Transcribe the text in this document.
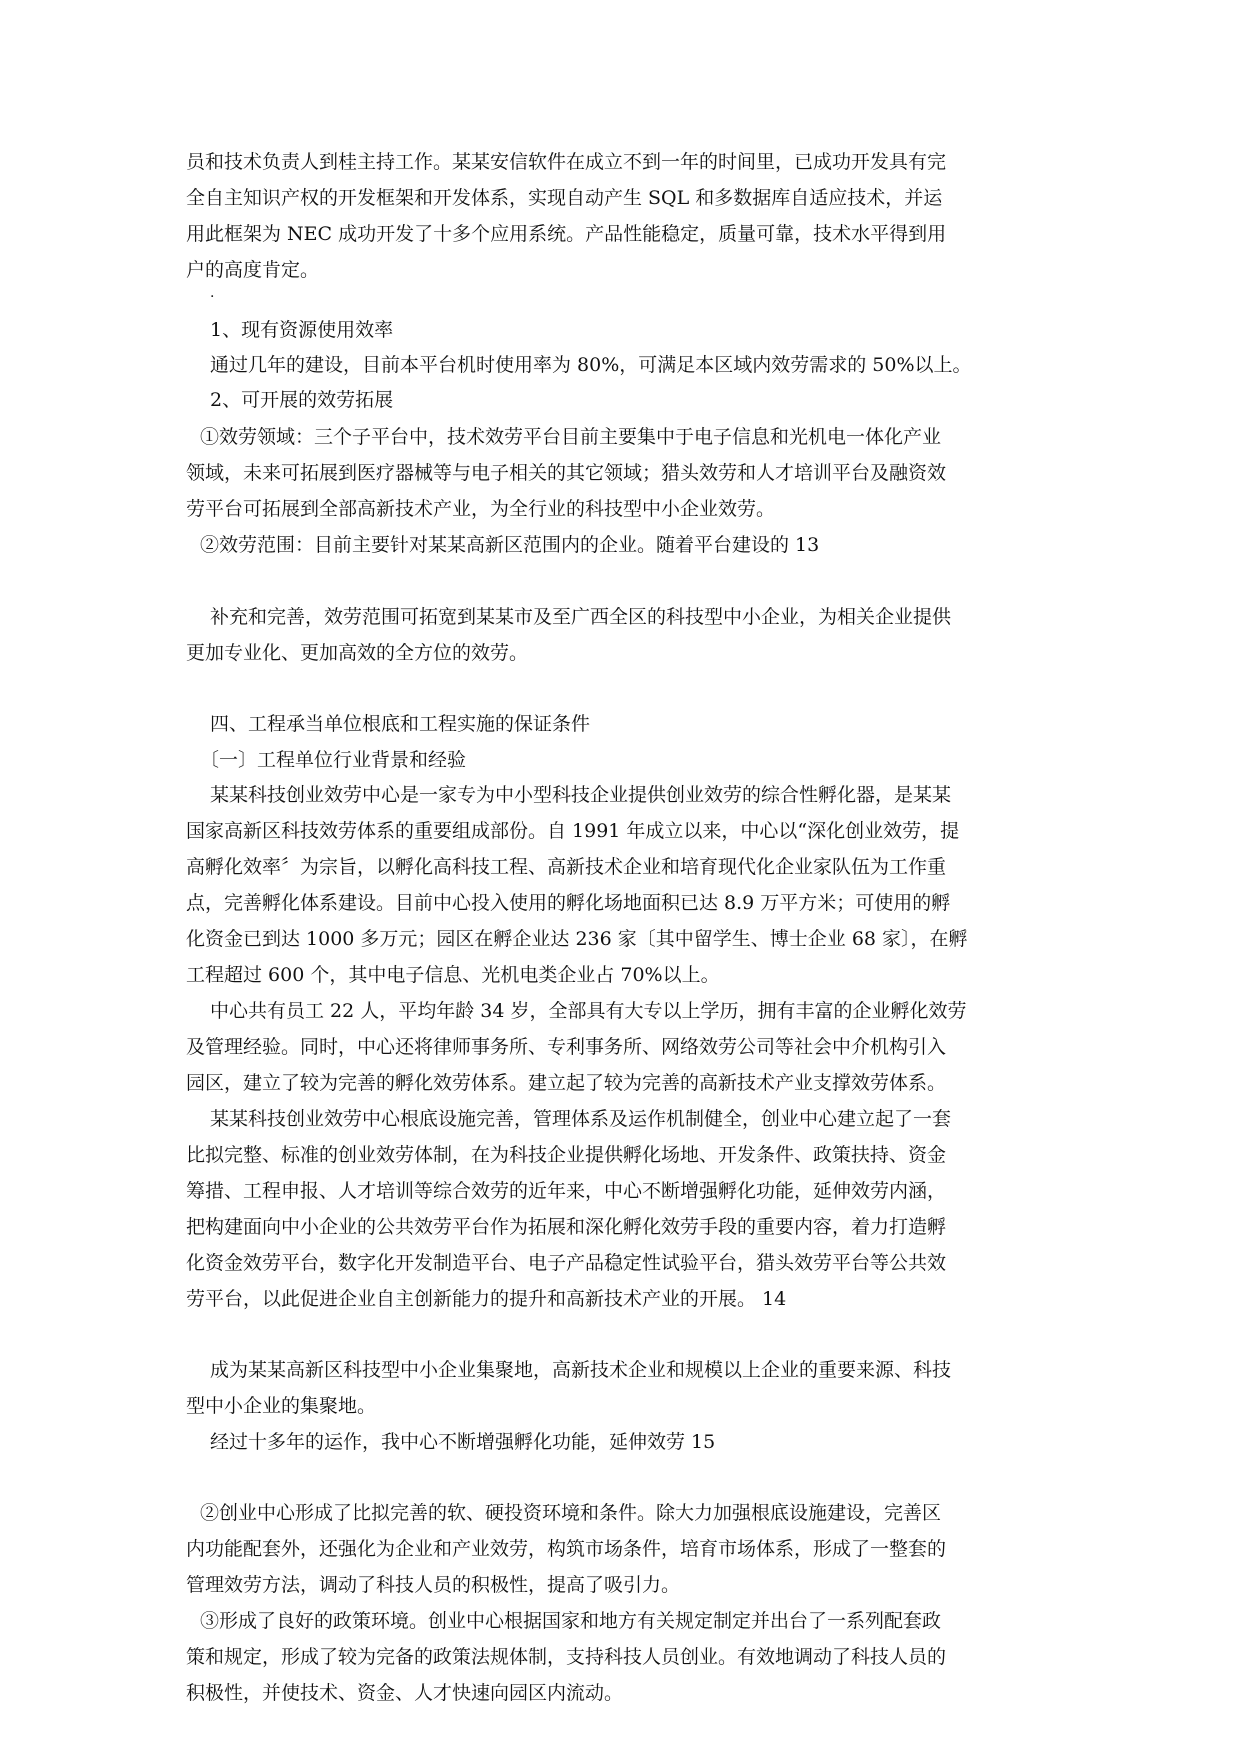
员和技术负责人到桂主持工作。某某安信软件在成立不到一年的时间里，已成功开发具有完
全自主知识产权的开发框架和开发体系，实现自动产生 SQL 和多数据库自适应技术，并运
用此框架为 NEC 成功开发了十多个应用系统。产品性能稳定，质量可靠，技术水平得到用
户的高度肯定。
·
1、现有资源使用效率
通过几年的建设，目前本平台机时使用率为 80%，可满足本区域内效劳需求的 50%以上。
2、可开展的效劳拓展
①效劳领域：三个子平台中，技术效劳平台目前主要集中于电子信息和光机电一体化产业
领域，未来可拓展到医疗器械等与电子相关的其它领域；猎头效劳和人才培训平台及融资效
劳平台可拓展到全部高新技术产业，为全行业的科技型中小企业效劳。
②效劳范围：目前主要针对某某高新区范围内的企业。随着平台建设的 13
补充和完善，效劳范围可拓宽到某某市及至广西全区的科技型中小企业，为相关企业提供
更加专业化、更加高效的全方位的效劳。
四、工程承当单位根底和工程实施的保证条件
〔一〕工程单位行业背景和经验
某某科技创业效劳中心是一家专为中小型科技企业提供创业效劳的综合性孵化器，是某某
国家高新区科技效劳体系的重要组成部份。自 1991 年成立以来，中心以“深化创业效劳，提
高孵化效率〞为宗旨，以孵化高科技工程、高新技术企业和培育现代化企业家队伍为工作重
点，完善孵化体系建设。目前中心投入使用的孵化场地面积已达 8.9 万平方米；可使用的孵
化资金已到达 1000 多万元；园区在孵企业达 236 家〔其中留学生、博士企业 68 家〕，在孵
工程超过 600 个，其中电子信息、光机电类企业占 70%以上。
中心共有员工 22 人，平均年龄 34 岁，全部具有大专以上学历，拥有丰富的企业孵化效劳
及管理经验。同时，中心还将律师事务所、专利事务所、网络效劳公司等社会中介机构引入
园区，建立了较为完善的孵化效劳体系。建立起了较为完善的高新技术产业支撑效劳体系。
某某科技创业效劳中心根底设施完善，管理体系及运作机制健全，创业中心建立起了一套
比拟完整、标准的创业效劳体制，在为科技企业提供孵化场地、开发条件、政策扶持、资金
筹措、工程申报、人才培训等综合效劳的近年来，中心不断增强孵化功能，延伸效劳内涵，
把构建面向中小企业的公共效劳平台作为拓展和深化孵化效劳手段的重要内容，着力打造孵
化资金效劳平台，数字化开发制造平台、电子产品稳定性试验平台，猎头效劳平台等公共效
劳平台，以此促进企业自主创新能力的提升和高新技术产业的开展。 14
成为某某高新区科技型中小企业集聚地，高新技术企业和规模以上企业的重要来源、科技
型中小企业的集聚地。
经过十多年的运作，我中心不断增强孵化功能，延伸效劳 15
②创业中心形成了比拟完善的软、硬投资环境和条件。除大力加强根底设施建设，完善区
内功能配套外，还强化为企业和产业效劳，构筑市场条件，培育市场体系，形成了一整套的
管理效劳方法，调动了科技人员的积极性，提高了吸引力。
③形成了良好的政策环境。创业中心根据国家和地方有关规定制定并出台了一系列配套政
策和规定，形成了较为完备的政策法规体制，支持科技人员创业。有效地调动了科技人员的
积极性，并使技术、资金、人才快速向园区内流动。
